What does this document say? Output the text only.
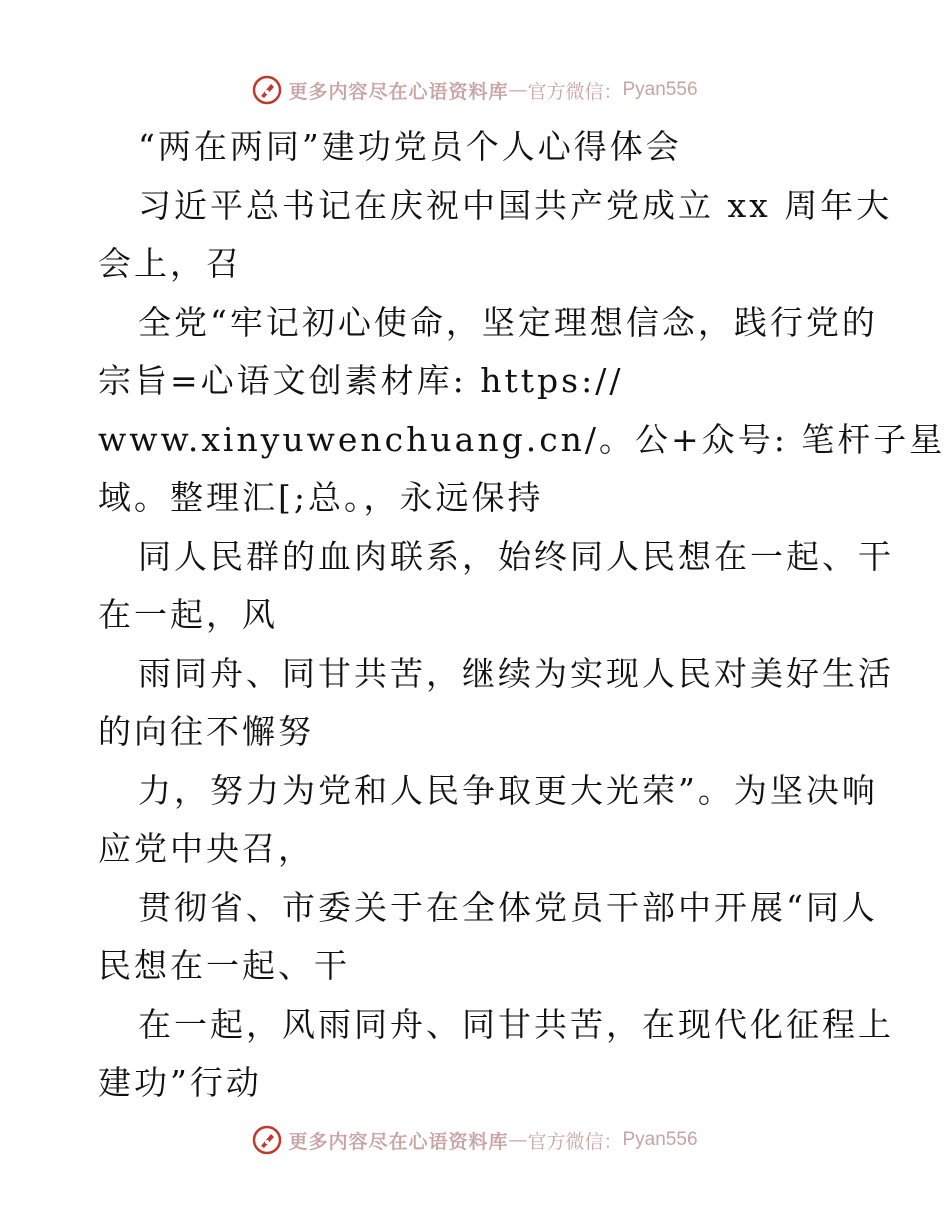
更多内容尽在心语资料库 — 官方微信： Pyan556
“两在两同”建功党员个人心得体会
习近平总书记在庆祝中国共产党成立 xx 周年大
会上，召
全党“牢记初心使命，坚定理想信念，践行党的
宗旨=心语文创素材库: https://
www.xinyuwenchuang.cn/。公+众号: 笔杆子星
域。整理汇[;总。，永远保持
同人民群的血肉联系，始终同人民想在一起、干
在一起，风
雨同舟、同甘共苦，继续为实现人民对美好生活
的向往不懈努
力，努力为党和人民争取更大光荣”。为坚决响
应党中央召，
贯彻省、市委关于在全体党员干部中开展“同人
民想在一起、干
在一起，风雨同舟、同甘共苦，在现代化征程上
建功”行动
更多内容尽在心语资料库 — 官方微信： Pyan556
